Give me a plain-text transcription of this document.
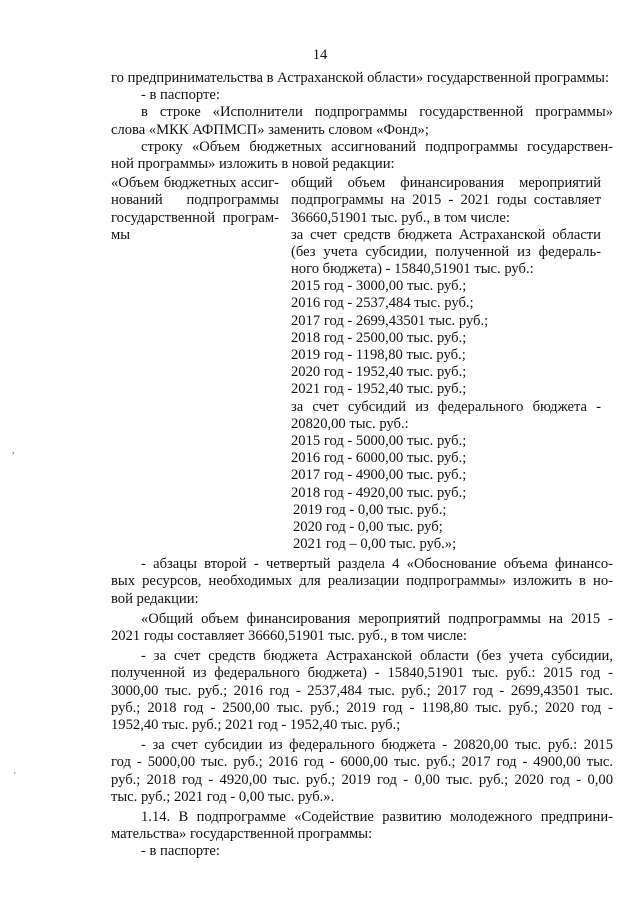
14
го предпринимательства в Астраханской области» государственной программы:
- в паспорте:
в строке «Исполнители подпрограммы государственной программы»
слова «МКК АФПМСП» заменить словом «Фонд»;
строку «Объем бюджетных ассигнований подпрограммы государствен-
ной программы» изложить в новой редакции:
«Объем бюджетных ассиг-
нований подпрограммы
государственной програм-
мы
общий объем финансирования мероприятий
подпрограммы на 2015 - 2021 годы составляет
36660,51901 тыс. руб., в том числе:
за счет средств бюджета Астраханской области
(без учета субсидии, полученной из федераль-
ного бюджета) - 15840,51901 тыс. руб.:
2015 год - 3000,00 тыс. руб.;
2016 год - 2537,484 тыс. руб.;
2017 год - 2699,43501 тыс. руб.;
2018 год - 2500,00 тыс. руб.;
2019 год - 1198,80 тыс. руб.;
2020 год - 1952,40 тыс. руб.;
2021 год - 1952,40 тыс. руб.;
за счет субсидий из федерального бюджета -
20820,00 тыс. руб.:
2015 год - 5000,00 тыс. руб.;
2016 год - 6000,00 тыс. руб.;
2017 год - 4900,00 тыс. руб.;
2018 год - 4920,00 тыс. руб.;
2019 год - 0,00 тыс. руб.;
2020 год - 0,00 тыс. руб;
2021 год – 0,00 тыс. руб.»;
- абзацы второй - четвертый раздела 4 «Обоснование объема финансо-
вых ресурсов, необходимых для реализации подпрограммы» изложить в но-
вой редакции:
«Общий объем финансирования мероприятий подпрограммы на 2015 -
2021 годы составляет 36660,51901 тыс. руб., в том числе:
- за счет средств бюджета Астраханской области (без учета субсидии,
полученной из федерального бюджета) - 15840,51901 тыс. руб.: 2015 год -
3000,00 тыс. руб.; 2016 год - 2537,484 тыс. руб.; 2017 год - 2699,43501 тыс.
руб.; 2018 год - 2500,00 тыс. руб.; 2019 год - 1198,80 тыс. руб.; 2020 год -
1952,40 тыс. руб.; 2021 год - 1952,40 тыс. руб.;
- за счет субсидии из федерального бюджета - 20820,00 тыс. руб.: 2015
год - 5000,00 тыс. руб.; 2016 год - 6000,00 тыс. руб.; 2017 год - 4900,00 тыс.
руб.; 2018 год - 4920,00 тыс. руб.; 2019 год - 0,00 тыс. руб.; 2020 год - 0,00
тыс. руб.; 2021 год - 0,00 тыс. руб.».
1.14. В подпрограмме «Содействие развитию молодежного предприни-
мательства» государственной программы:
- в паспорте:
,
'
